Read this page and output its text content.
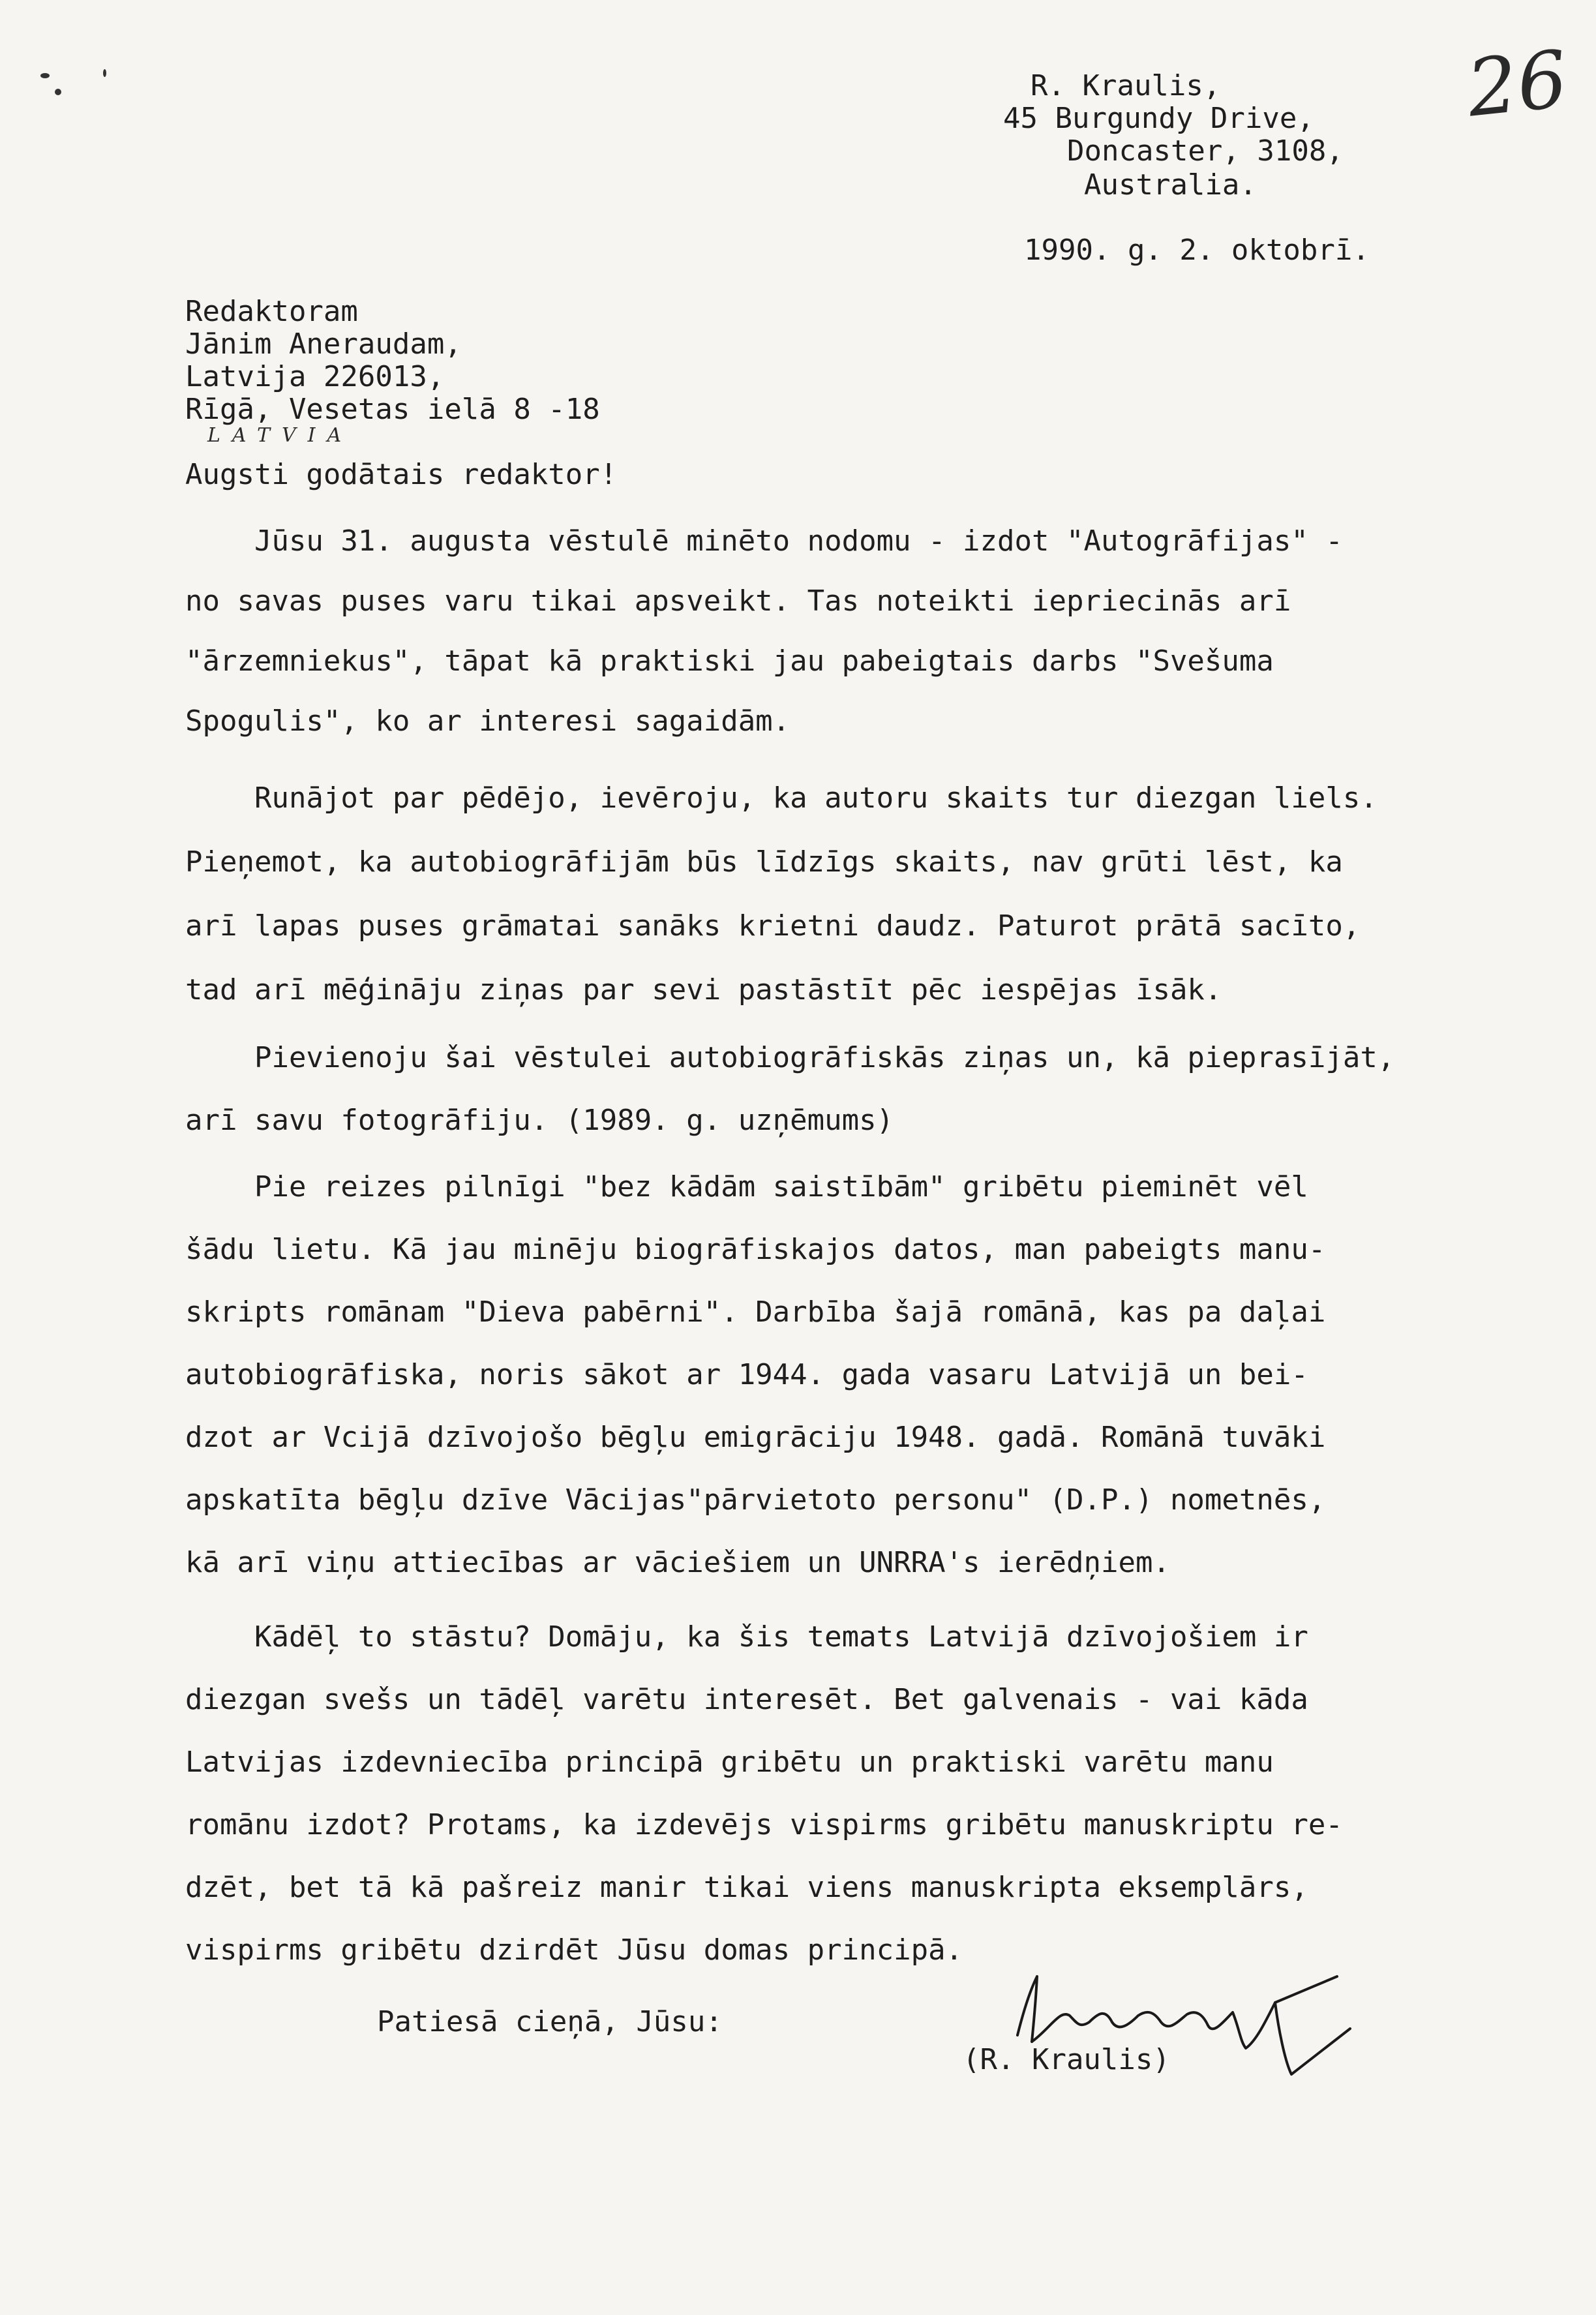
26
R. Kraulis,
45 Burgundy Drive,
Doncaster, 3108,
Australia.
1990. g. 2. oktobrī.
Redaktoram
Jānim Aneraudam,
Latvija 226013,
Rīgā, Vesetas ielā 8 -18
LATVIA
Augsti godātais redaktor!
Jūsu 31. augusta vēstulē minēto nodomu - izdot "Autogrāfijas" -
no savas puses varu tikai apsveikt. Tas noteikti iepriecinās arī
"ārzemniekus", tāpat kā praktiski jau pabeigtais darbs "Svešuma
Spogulis", ko ar interesi sagaidām.
Runājot par pēdējo, ievēroju, ka autoru skaits tur diezgan liels.
Pieņemot, ka autobiogrāfijām būs līdzīgs skaits, nav grūti lēst, ka
arī lapas puses grāmatai sanāks krietni daudz. Paturot prātā sacīto,
tad arī mēģināju ziņas par sevi pastāstīt pēc iespējas īsāk.
Pievienoju šai vēstulei autobiogrāfiskās ziņas un, kā pieprasījāt,
arī savu fotogrāfiju. (1989. g. uzņēmums)
Pie reizes pilnīgi "bez kādām saistībām" gribētu pieminēt vēl
šādu lietu. Kā jau minēju biogrāfiskajos datos, man pabeigts manu-
skripts romānam "Dieva pabērni". Darbība šajā romānā, kas pa daļai
autobiogrāfiska, noris sākot ar 1944. gada vasaru Latvijā un bei-
dzot ar Vcijā dzīvojošo bēgļu emigrāciju 1948. gadā. Romānā tuvāki
apskatīta bēgļu dzīve Vācijas"pārvietoto personu" (D.P.) nometnēs,
kā arī viņu attiecības ar vāciešiem un UNRRA's ierēdņiem.
Kādēļ to stāstu? Domāju, ka šis temats Latvijā dzīvojošiem ir
diezgan svešs un tādēļ varētu interesēt. Bet galvenais - vai kāda
Latvijas izdevniecība principā gribētu un praktiski varētu manu
romānu izdot? Protams, ka izdevējs vispirms gribētu manuskriptu re-
dzēt, bet tā kā pašreiz manir tikai viens manuskripta eksemplārs,
vispirms gribētu dzirdēt Jūsu domas principā.
Patiesā cieņā, Jūsu:
(R. Kraulis)
